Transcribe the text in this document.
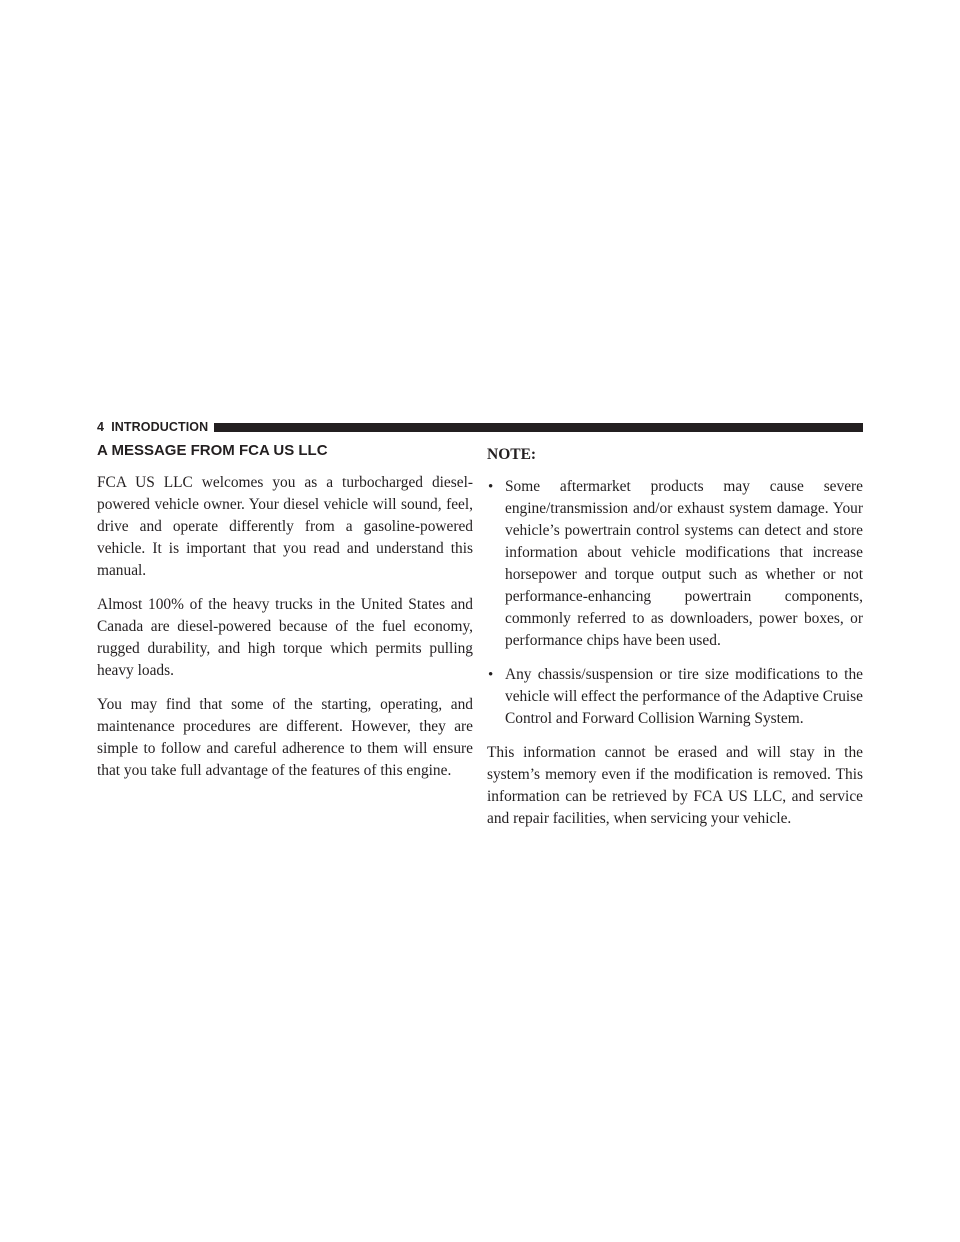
4 INTRODUCTION
A MESSAGE FROM FCA US LLC

FCA US LLC welcomes you as a turbocharged diesel-powered vehicle owner. Your diesel vehicle will sound, feel, drive and operate differently from a gasoline-powered vehicle. It is important that you read and understand this manual.

Almost 100% of the heavy trucks in the United States and Canada are diesel-powered because of the fuel economy, rugged durability, and high torque which permits pulling heavy loads.

You may find that some of the starting, operating, and maintenance procedures are different. However, they are simple to follow and careful adherence to them will ensure that you take full advantage of the features of this engine.

NOTE:
• Some aftermarket products may cause severe engine/transmission and/or exhaust system damage. Your vehicle’s powertrain control systems can detect and store information about vehicle modifications that increase horsepower and torque output such as whether or not performance-enhancing powertrain components, commonly referred to as downloaders, power boxes, or performance chips have been used.
• Any chassis/suspension or tire size modifications to the vehicle will effect the performance of the Adaptive Cruise Control and Forward Collision Warning System.

This information cannot be erased and will stay in the system’s memory even if the modification is removed. This information can be retrieved by FCA US LLC, and service and repair facilities, when servicing your vehicle.
